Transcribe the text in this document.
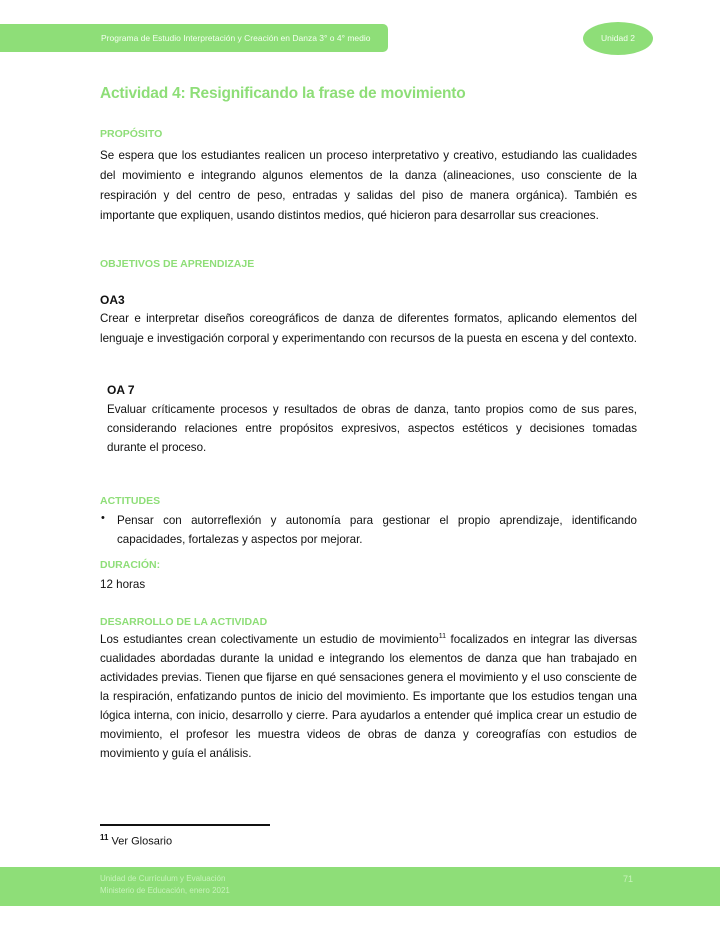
Programa de Estudio Interpretación y Creación en Danza 3° o 4° medio	Unidad 2
Actividad 4: Resignificando la frase de movimiento
PROPÓSITO
Se espera que los estudiantes realicen un proceso interpretativo y creativo, estudiando las cualidades
del movimiento e integrando algunos elementos de la danza (alineaciones, uso consciente de la
respiración y del centro de peso, entradas y salidas del piso de manera orgánica). También es
importante que expliquen, usando distintos medios, qué hicieron para desarrollar sus creaciones.
OBJETIVOS DE APRENDIZAJE
OA3
Crear e interpretar diseños coreográficos de danza de diferentes formatos, aplicando elementos del
lenguaje e investigación corporal y experimentando con recursos de la puesta en escena y del contexto.
OA 7
Evaluar críticamente procesos y resultados de obras de danza, tanto propios como de sus pares,
considerando relaciones entre propósitos expresivos, aspectos estéticos y decisiones tomadas
durante el proceso.
ACTITUDES
• Pensar con autorreflexión y autonomía para gestionar el propio aprendizaje, identificando
capacidades, fortalezas y aspectos por mejorar.
DURACIÓN:
12 horas
DESARROLLO DE LA ACTIVIDAD
Los estudiantes crean colectivamente un estudio de movimiento$^{11}$ focalizados en integrar las diversas
cualidades abordadas durante la unidad e integrando los elementos de danza que han trabajado en
actividades previas. Tienen que fijarse en qué sensaciones genera el movimiento y el uso consciente de
la respiración, enfatizando puntos de inicio del movimiento. Es importante que los estudios tengan una
lógica interna, con inicio, desarrollo y cierre. Para ayudarlos a entender qué implica crear un estudio de
movimiento, el profesor les muestra videos de obras de danza y coreografías con estudios de
movimiento y guía el análisis.
$^{11}$ Ver Glosario
Unidad de Currículum y Evaluación
Ministerio de Educación, enero 2021
71
